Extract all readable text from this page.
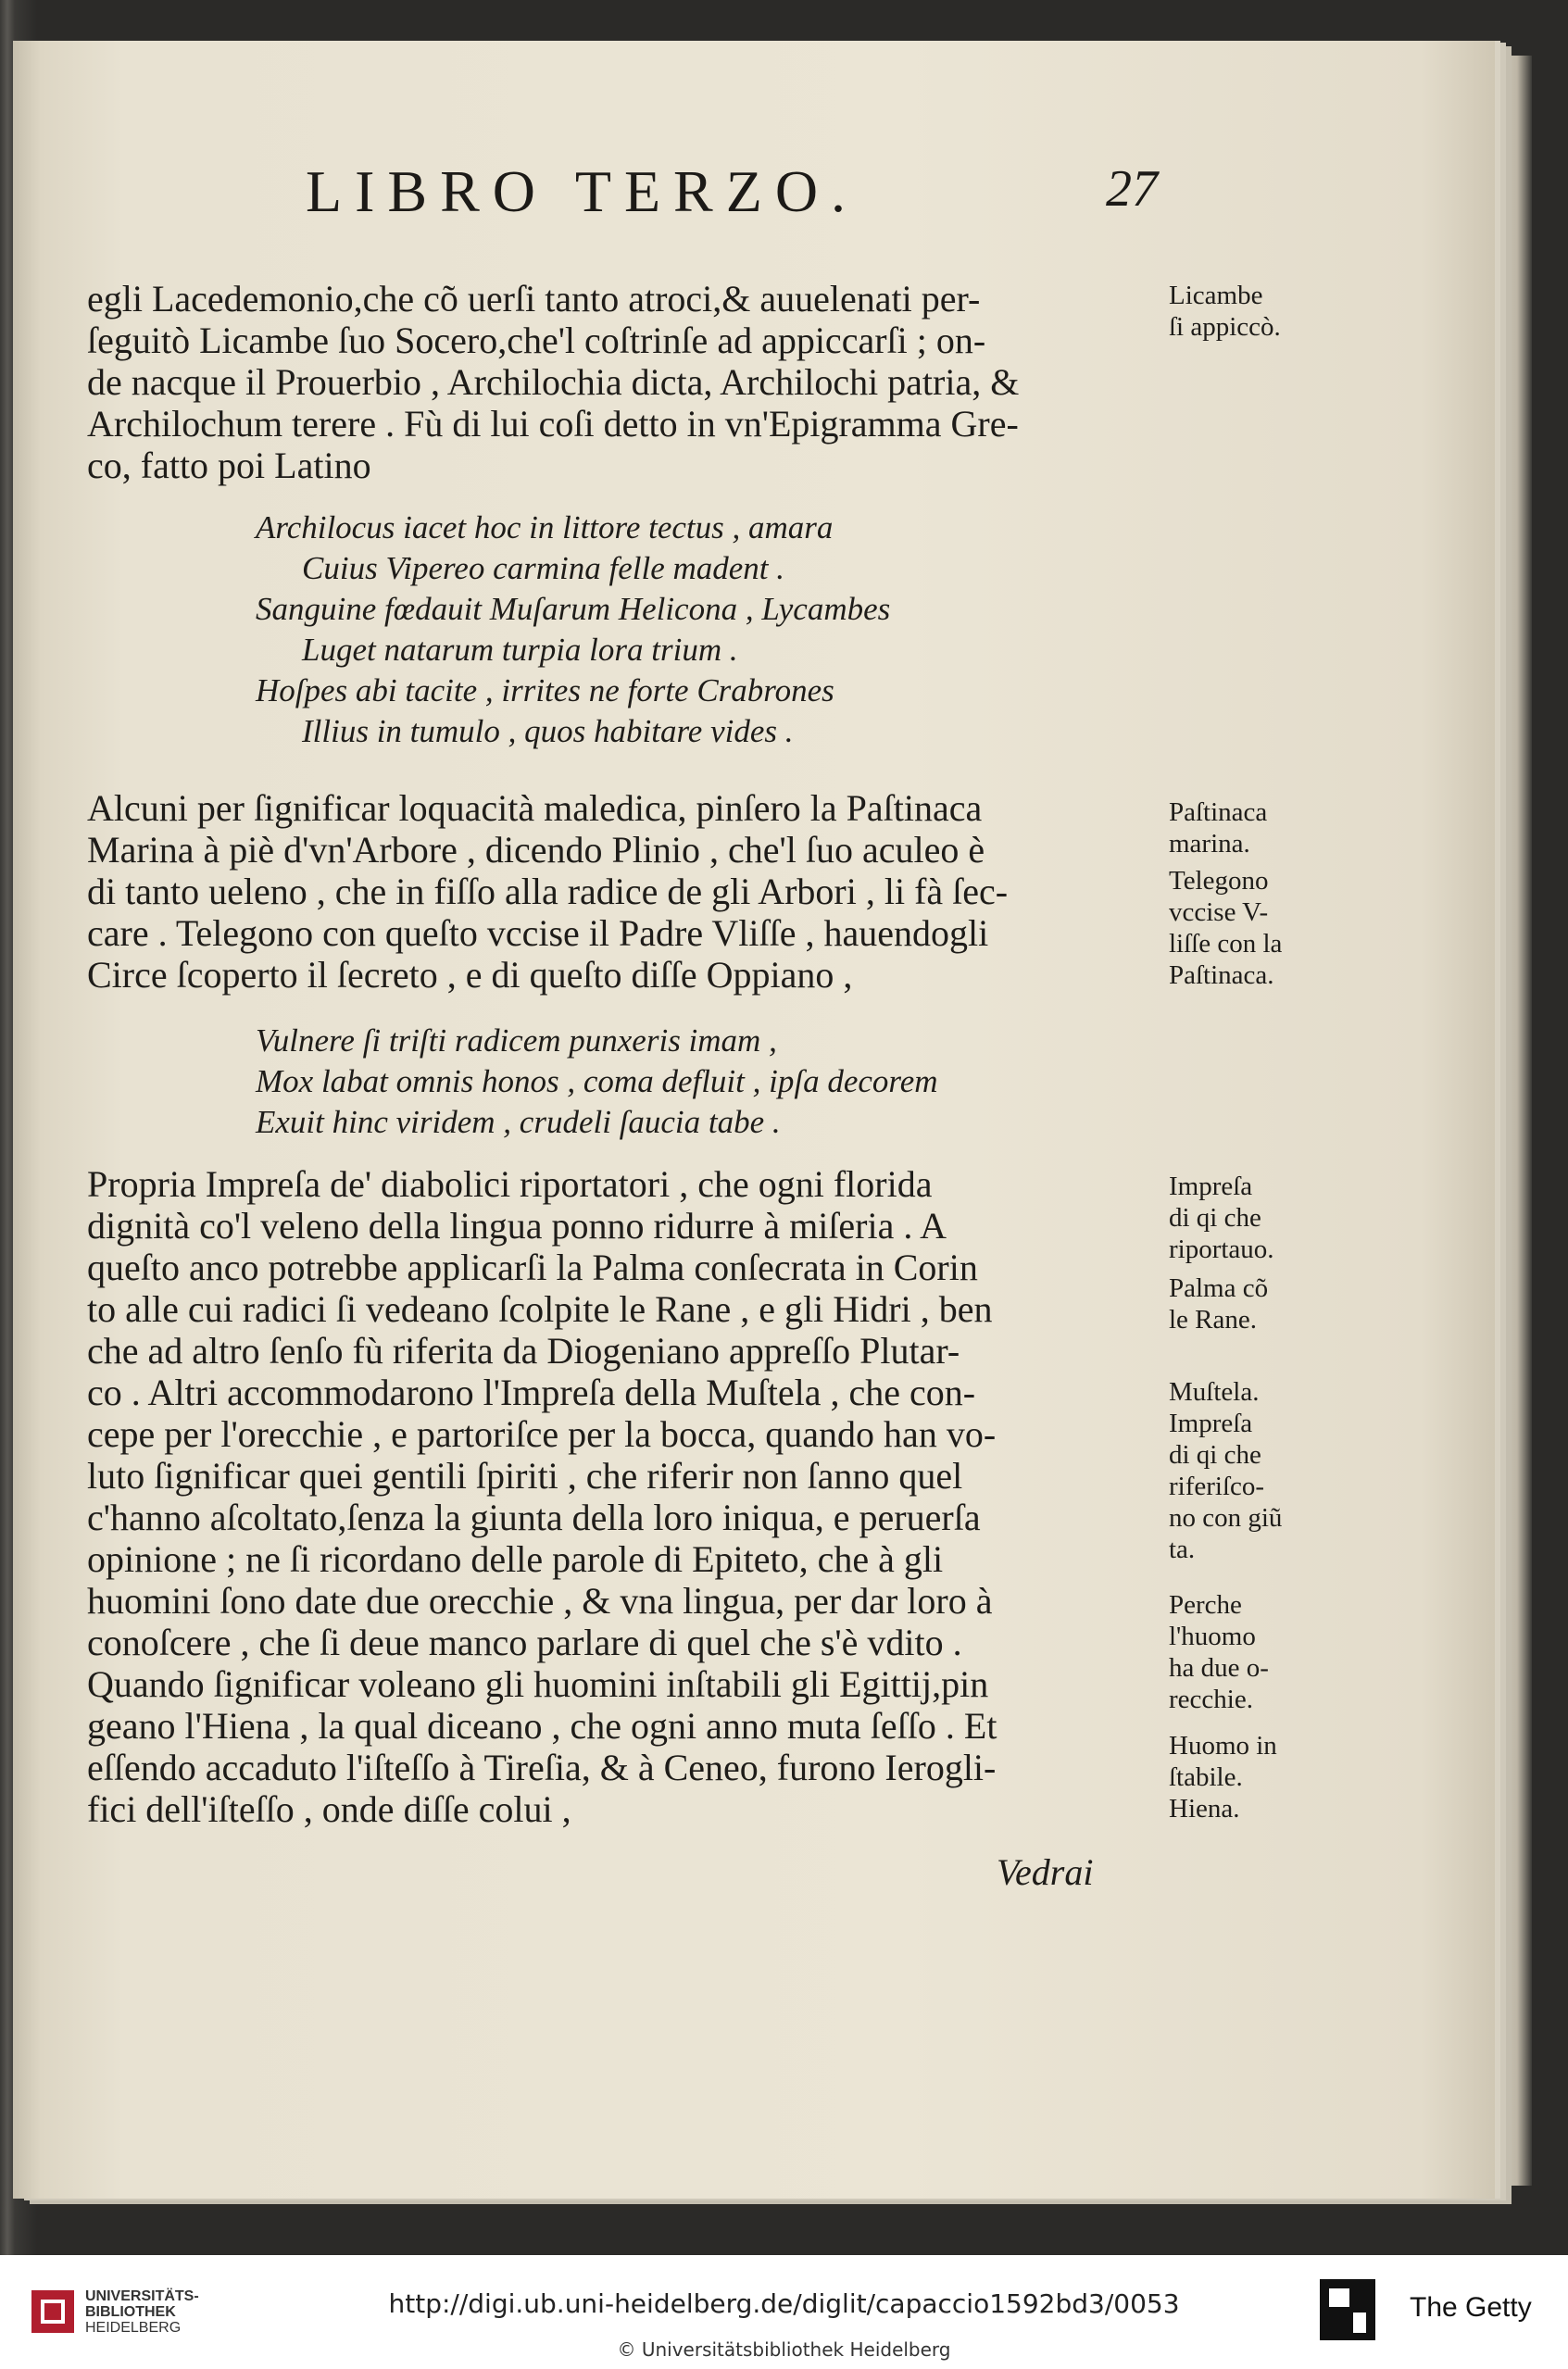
LIBRO TERZO.	27
egli Lacedemonio,che cõ uerſi tanto atroci,& auuelenati per-
ſeguitò Licambe ſuo Socero,che'l coſtrinſe ad appiccarſi ; on-
de nacque il Prouerbio , Archilochia dicta, Archilochi patria, &
Archilochum terere . Fù di lui coſi detto in vn'Epigramma Gre-
co, fatto poi Latino
Archilocus iacet hoc in littore tectus , amara
Cuius Vipereo carmina felle madent .
Sanguine fœdauit Muſarum Helicona , Lycambes
Luget natarum turpia lora trium .
Hoſpes abi tacite , irrites ne forte Crabrones
Illius in tumulo , quos habitare vides .
Alcuni per ſignificar loquacità maledica, pinſero la Paſtinaca
Marina à piè d'vn'Arbore , dicendo Plinio , che'l ſuo aculeo è
di tanto ueleno , che in fiſſo alla radice de gli Arbori , li fà ſec-
care . Telegono con queſto vccise il Padre Vliſſe , hauendogli
Circe ſcoperto il ſecreto , e di queſto diſſe Oppiano ,
Vulnere ſi triſti radicem punxeris imam ,
Mox labat omnis honos , coma defluit , ipſa decorem
Exuit hinc viridem , crudeli ſaucia tabe .
Propria Impreſa de' diabolici riportatori , che ogni florida
dignità co'l veleno della lingua ponno ridurre à miſeria . A
queſto anco potrebbe applicarſi la Palma conſecrata in Corin
to alle cui radici ſi vedeano ſcolpite le Rane , e gli Hidri , ben
che ad altro ſenſo fù riferita da Diogeniano appreſſo Plutar-
co . Altri accommodarono l'Impreſa della Muſtela , che con-
cepe per l'orecchie , e partoriſce per la bocca, quando han vo-
luto ſignificar quei gentili ſpiriti , che riferir non ſanno quel
c'hanno aſcoltato,ſenza la giunta della loro iniqua, e peruerſa
opinione ; ne ſi ricordano delle parole di Epiteto, che à gli
huomini ſono date due orecchie , & vna lingua, per dar loro à
conoſcere , che ſi deue manco parlare di quel che s'è vdito .
Quando ſignificar voleano gli huomini inſtabili gli Egittij,pin
geano l'Hiena , la qual diceano , che ogni anno muta ſeſſo . Et
eſſendo accaduto l'iſteſſo à Tireſia, & à Ceneo, furono Ierogli-
fici dell'iſteſſo , onde diſſe colui ,
Vedrai
Licambe
ſi appiccò.
Paſtinaca
marina.
Telegono
vccise V-
liſſe con la
Paſtinaca.
Impreſa
di qi che
riportauo.
Palma cõ
le Rane.
Muſtela.
Impreſa
di qi che
riferiſco-
no con giũ
ta.
Perche
l'huomo
ha due o-
recchie.
Huomo in
ſtabile.
Hiena.
UNIVERSITÄTS-
BIBLIOTHEK
HEIDELBERG
http://digi.ub.uni-heidelberg.de/diglit/capaccio1592bd3/0053
© Universitätsbibliothek Heidelberg
The Getty
